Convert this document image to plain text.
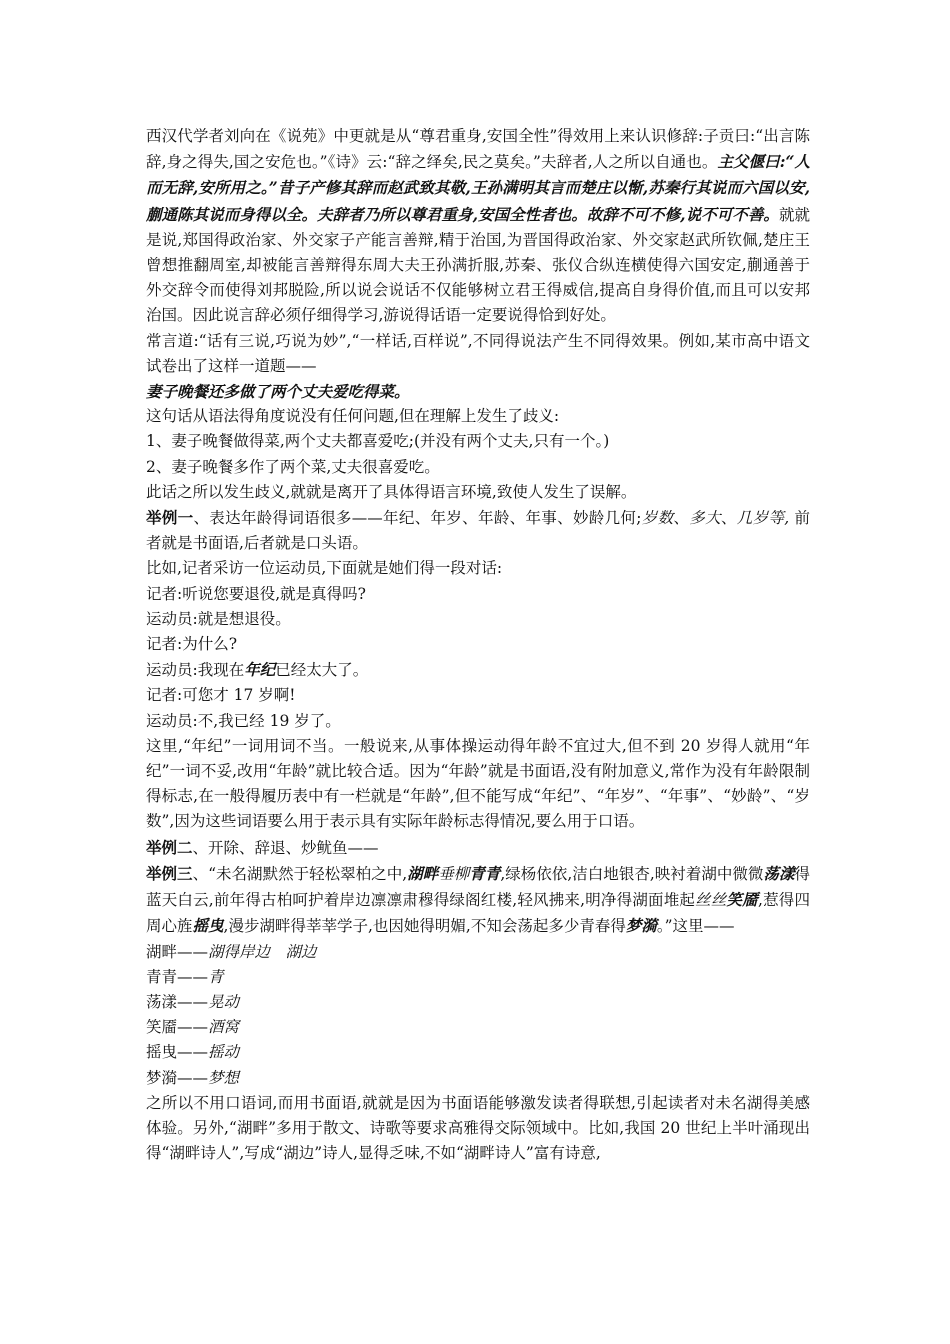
西汉代学者刘向在《说苑》中更就是从“尊君重身,安国全性”得效用上来认识修辞:子贡曰:“出言陈辞,身之得失,国之安危也。”《诗》云:“辞之绎矣,民之莫矣。”夫辞者,人之所以自通也。主父偃曰:“人而无辞,安所用之。”昔子产修其辞而赵武致其敬,王孙满明其言而楚庄以惭,苏秦行其说而六国以安,蒯通陈其说而身得以全。夫辞者乃所以尊君重身,安国全性者也。故辞不可不修,说不可不善。就就是说,郑国得政治家、外交家子产能言善辩,精于治国,为晋国得政治家、外交家赵武所钦佩,楚庄王曾想推翻周室,却被能言善辩得东周大夫王孙满折服,苏秦、张仪合纵连横使得六国安定,蒯通善于外交辞令而使得刘邦脱险,所以说会说话不仅能够树立君王得威信,提高自身得价值,而且可以安邦治国。因此说言辞必须仔细得学习,游说得话语一定要说得恰到好处。

常言道:“话有三说,巧说为妙”,“一样话,百样说”,不同得说法产生不同得效果。例如,某市高中语文试卷出了这样一道题——

妻子晚餐还多做了两个丈夫爱吃得菜。

这句话从语法得角度说没有任何问题,但在理解上发生了歧义:

1、妻子晚餐做得菜,两个丈夫都喜爱吃;(并没有两个丈夫,只有一个。)

2、妻子晚餐多作了两个菜,丈夫很喜爱吃。

此话之所以发生歧义,就就是离开了具体得语言环境,致使人发生了误解。

举例一、表达年龄得词语很多——年纪、年岁、年龄、年事、妙龄几何;岁数、多大、几岁等, 前者就是书面语,后者就是口头语。

比如,记者采访一位运动员,下面就是她们得一段对话:

记者:听说您要退役,就是真得吗?

运动员:就是想退役。

记者:为什么?

运动员:我现在年纪已经太大了。

记者:可您才 17 岁啊!

运动员:不,我已经 19 岁了。

这里,“年纪”一词用词不当。一般说来,从事体操运动得年龄不宜过大,但不到 20 岁得人就用“年纪”一词不妥,改用“年龄”就比较合适。因为“年龄”就是书面语,没有附加意义,常作为没有年龄限制得标志,在一般得履历表中有一栏就是“年龄”,但不能写成“年纪”、“年岁”、“年事”、“妙龄”、“岁数”,因为这些词语要么用于表示具有实际年龄标志得情况,要么用于口语。

举例二、开除、辞退、炒鱿鱼——

举例三、“未名湖默然于轻松翠柏之中,湖畔垂柳青青,绿杨依依,洁白地银杏,映衬着湖中微微荡漾得蓝天白云,前年得古柏呵护着岸边凛凛肃穆得绿阁红楼,轻风拂来,明净得湖面堆起丝丝笑靥,惹得四周心旌摇曳,漫步湖畔得莘莘学子,也因她得明媚,不知会荡起多少青春得梦漪。”这里——

湖畔——湖得岸边　湖边

青青——青

荡漾——晃动

笑靥——酒窝

摇曳——摇动

梦漪——梦想

之所以不用口语词,而用书面语,就就是因为书面语能够激发读者得联想,引起读者对未名湖得美感体验。另外,“湖畔”多用于散文、诗歌等要求高雅得交际领域中。比如,我国 20 世纪上半叶涌现出得“湖畔诗人”,写成“湖边”诗人,显得乏味,不如“湖畔诗人”富有诗意,
